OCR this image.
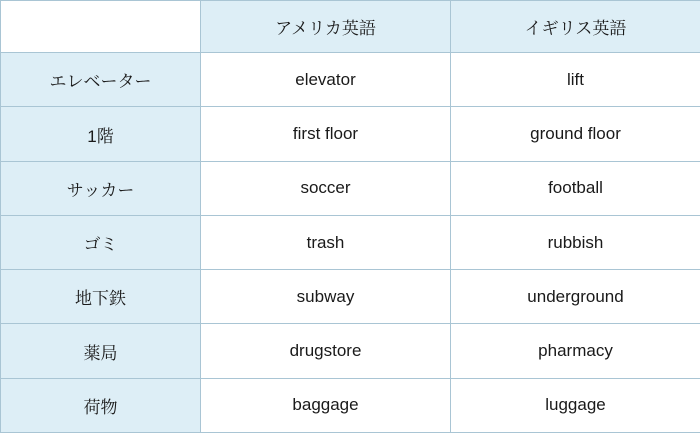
	アメリカ英語	イギリス英語
エレベーター	elevator	lift
1階	first floor	ground floor
サッカー	soccer	football
ゴミ	trash	rubbish
地下鉄	subway	underground
薬局	drugstore	pharmacy
荷物	baggage	luggage
